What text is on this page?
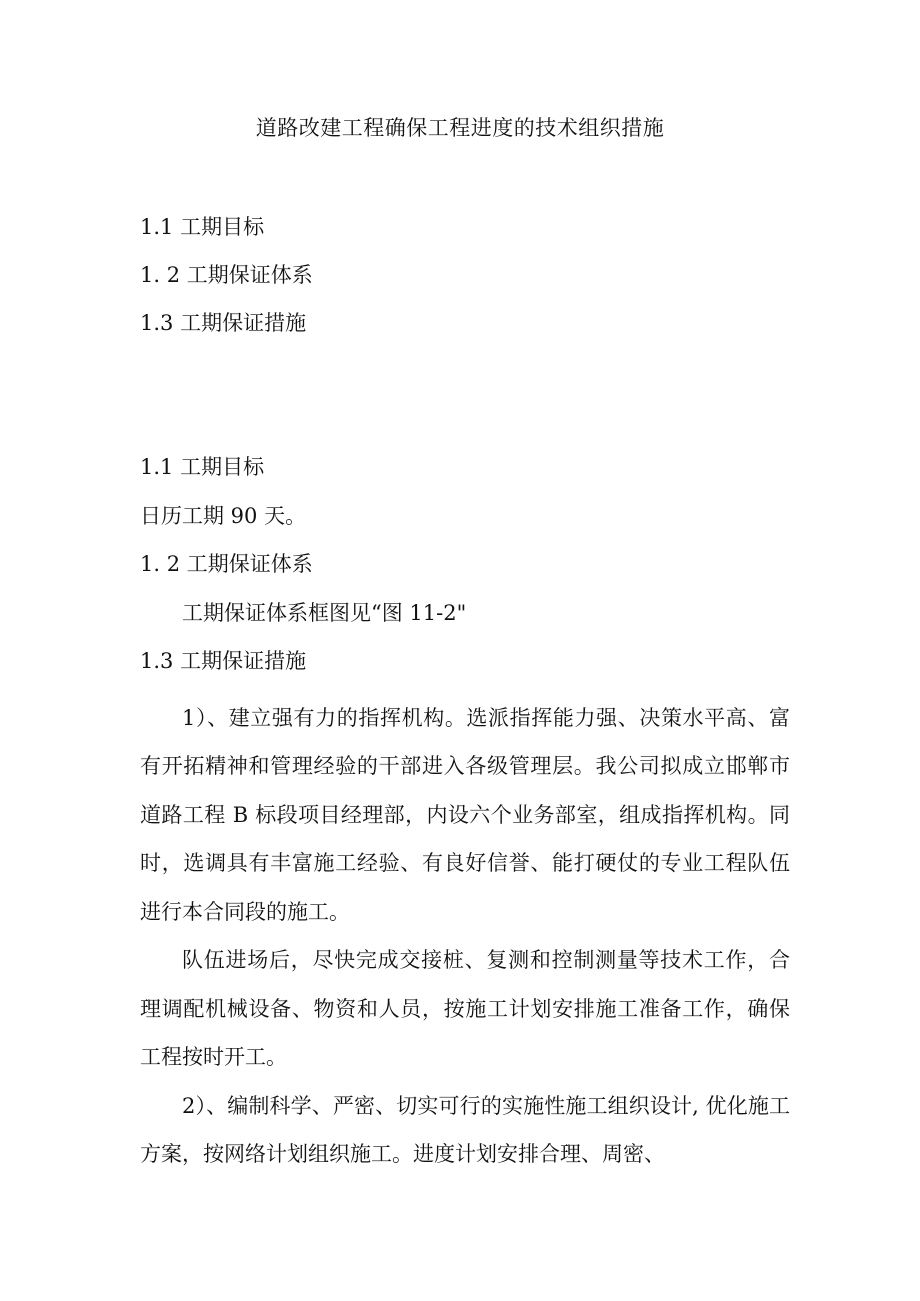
道路改建工程确保工程进度的技术组织措施
1.1 工期目标
1. 2 工期保证体系
1.3 工期保证措施
1.1 工期目标
日历工期 90 天。
1. 2 工期保证体系
工期保证体系框图见“图 11-2"
1.3 工期保证措施

1）、建立强有力的指挥机构。选派指挥能力强、决策水平高、富有开拓精神和管理经验的干部进入各级管理层。我公司拟成立邯郸市道路工程 B 标段项目经理部，内设六个业务部室，组成指挥机构。同时，选调具有丰富施工经验、有良好信誉、能打硬仗的专业工程队伍进行本合同段的施工。

队伍进场后，尽快完成交接桩、复测和控制测量等技术工作，合理调配机械设备、物资和人员，按施工计划安排施工准备工作，确保工程按时开工。

2）、编制科学、严密、切实可行的实施性施工组织设计, 优化施工方案，按网络计划组织施工。进度计划安排合理、周密、
